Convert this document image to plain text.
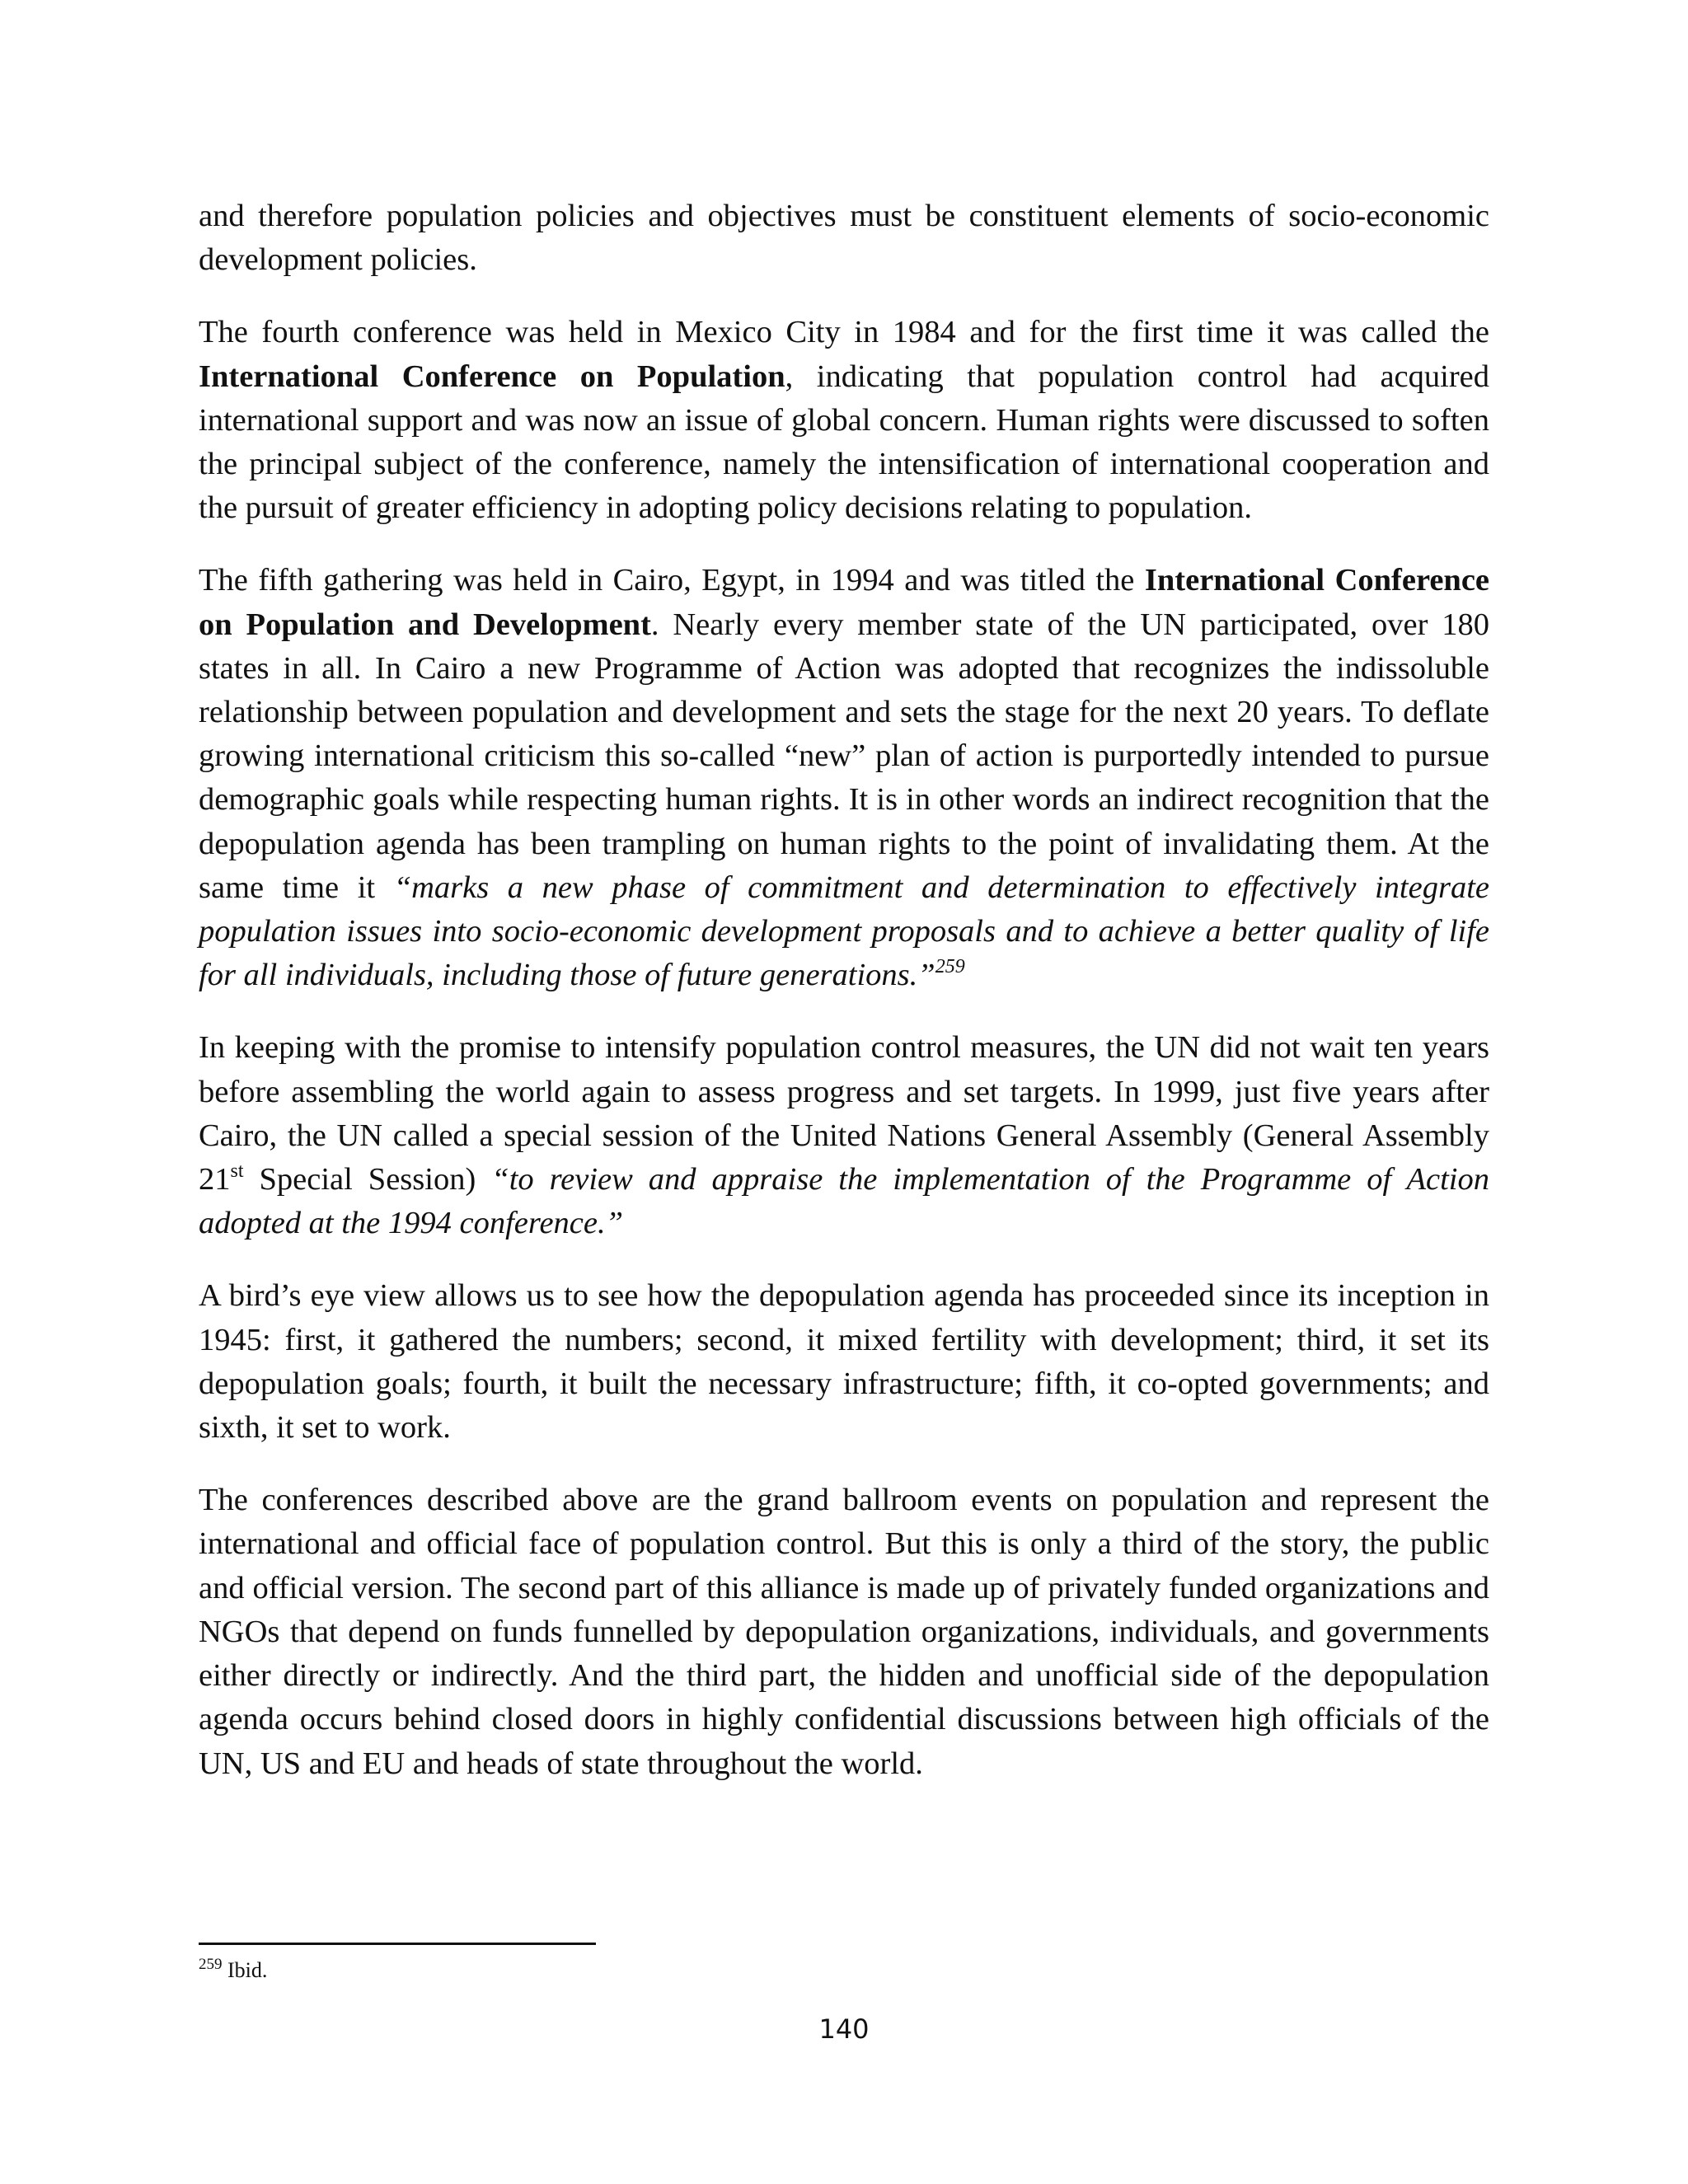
and therefore population policies and objectives must be constituent elements of socio-economic development policies.

The fourth conference was held in Mexico City in 1984 and for the first time it was called the International Conference on Population, indicating that population control had acquired international support and was now an issue of global concern. Human rights were discussed to soften the principal subject of the conference, namely the intensification of international cooperation and the pursuit of greater efficiency in adopting policy decisions relating to population.

The fifth gathering was held in Cairo, Egypt, in 1994 and was titled the International Conference on Population and Development. Nearly every member state of the UN participated, over 180 states in all. In Cairo a new Programme of Action was adopted that recognizes the indissoluble relationship between population and development and sets the stage for the next 20 years. To deflate growing international criticism this so-called “new” plan of action is purportedly intended to pursue demographic goals while respecting human rights. It is in other words an indirect recognition that the depopulation agenda has been trampling on human rights to the point of invalidating them. At the same time it “marks a new phase of commitment and determination to effectively integrate population issues into socio-economic development proposals and to achieve a better quality of life for all individuals, including those of future generations.”$^{259}$

In keeping with the promise to intensify population control measures, the UN did not wait ten years before assembling the world again to assess progress and set targets. In 1999, just five years after Cairo, the UN called a special session of the United Nations General Assembly (General Assembly 21st Special Session) “to review and appraise the implementation of the Programme of Action adopted at the 1994 conference.”

A bird’s eye view allows us to see how the depopulation agenda has proceeded since its inception in 1945: first, it gathered the numbers; second, it mixed fertility with development; third, it set its depopulation goals; fourth, it built the necessary infrastructure; fifth, it co-opted governments; and sixth, it set to work.

The conferences described above are the grand ballroom events on population and represent the international and official face of population control. But this is only a third of the story, the public and official version. The second part of this alliance is made up of privately funded organizations and NGOs that depend on funds funnelled by depopulation organizations, individuals, and governments either directly or indirectly. And the third part, the hidden and unofficial side of the depopulation agenda occurs behind closed doors in highly confidential discussions between high officials of the UN, US and EU and heads of state throughout the world.

$^{259}$ Ibid.
140
